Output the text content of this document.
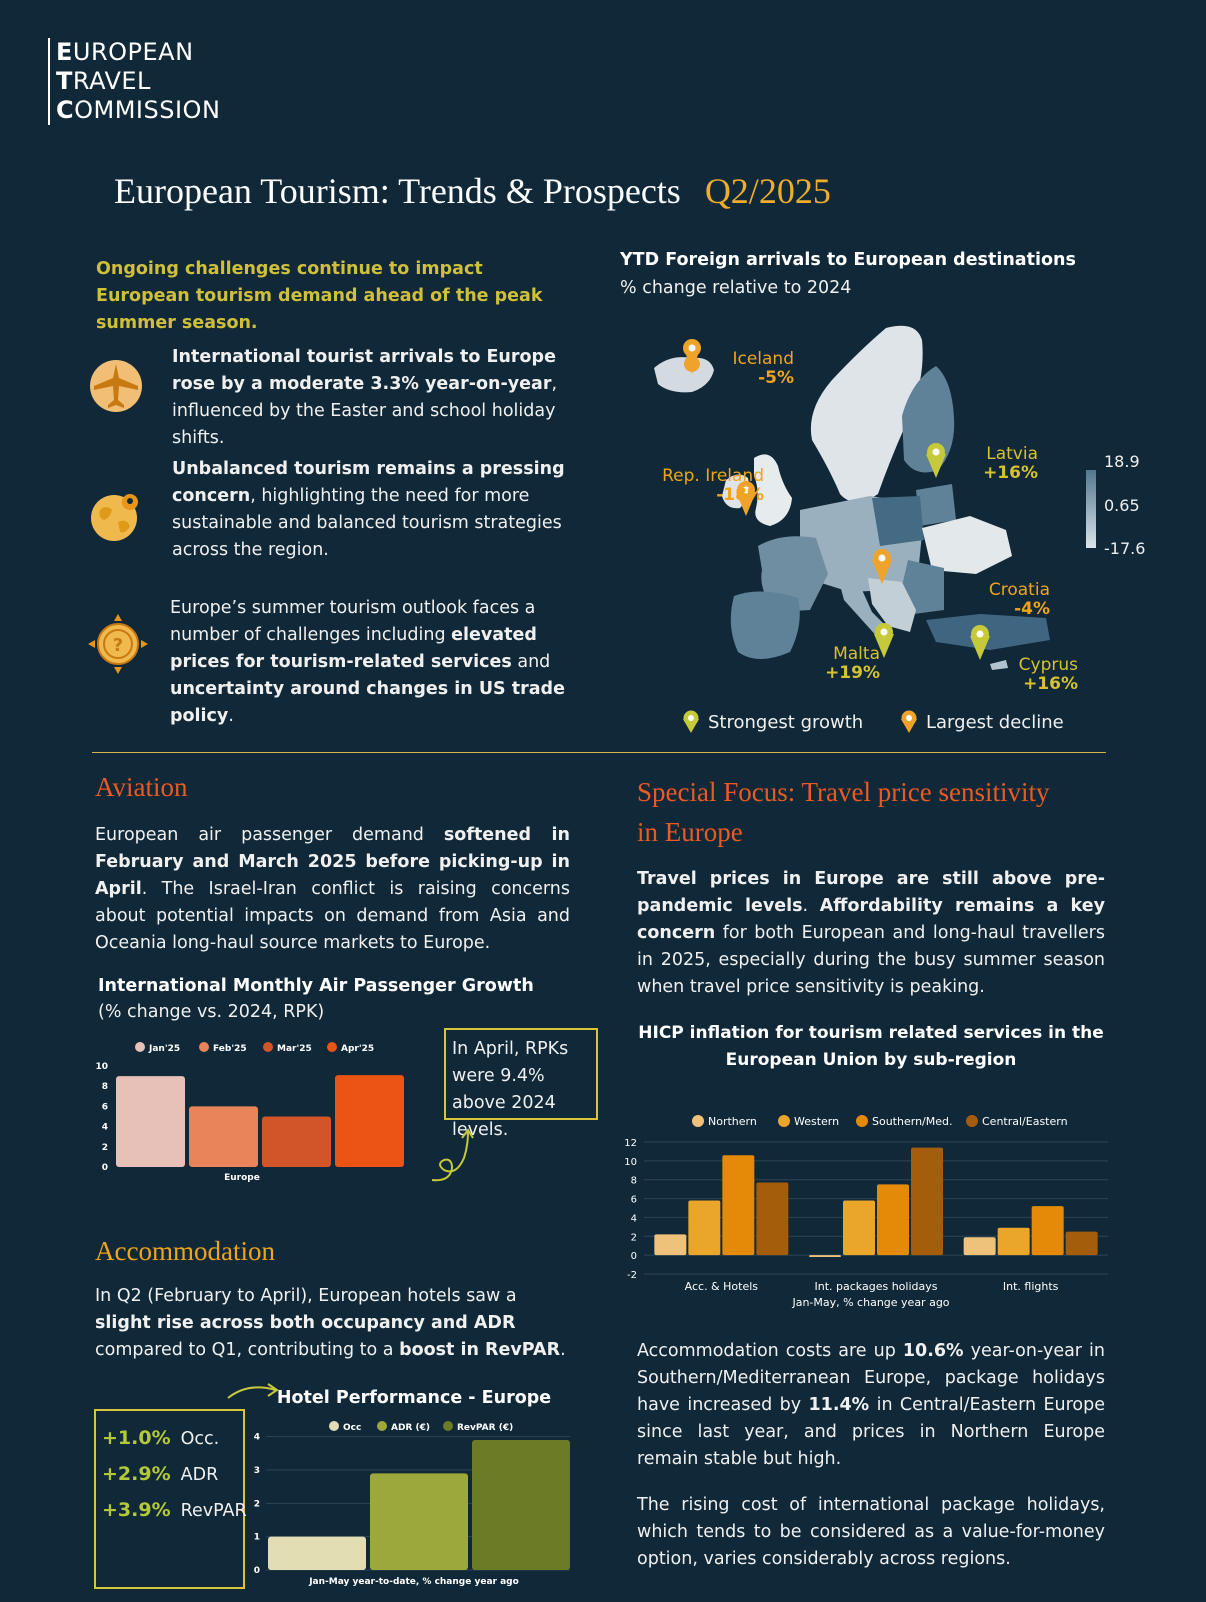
EUROPEAN
TRAVEL
COMMISSION
European Tourism: Trends & Prospects Q2/2025
Ongoing challenges continue to impact European tourism demand ahead of the peak summer season.
?
International tourist arrivals to Europe rose by a moderate 3.3% year-on-year, influenced by the Easter and school holiday shifts.
Unbalanced tourism remains a pressing concern, highlighting the need for more sustainable and balanced tourism strategies across the region.
Europe’s summer tourism outlook faces a number of challenges including elevated prices for tourism-related services and uncertainty around changes in US trade policy.
YTD Foreign arrivals to European destinations
% change relative to 2024
Iceland
-5%
Latvia
+16%
Rep. Ireland
-18%
Croatia
-4%
Malta
+19%	Cyprus
+16%
18.9
0.65
-17.6
Strongest growth	Largest decline
Aviation
European air passenger demand softened in February and March 2025 before picking-up in April. The Israel-Iran conflict is raising concerns about potential impacts on demand from Asia and Oceania long-haul source markets to Europe.
International Monthly Air Passenger Growth
(% change vs. 2024, RPK)
Jan'25	Feb'25	Mar'25	Apr'25
0
2
4
6
8
10
Europe
In April, RPKs were 9.4% above 2024 levels.
Accommodation
In Q2 (February to April), European hotels saw a slight rise across both occupancy and ADR compared to Q1, contributing to a boost in RevPAR.
+1.0% Occ.
+2.9% ADR
+3.9% RevPAR
Hotel Performance - Europe
Occ	ADR (€)	RevPAR (€)
0
1
2
3
4
Jan-May year-to-date, % change year ago
Special Focus: Travel price sensitivity
in Europe
Travel prices in Europe are still above pre-pandemic levels. Affordability remains a key concern for both European and long-haul travellers in 2025, especially during the busy summer season when travel price sensitivity is peaking.
HICP inflation for tourism related services in the
European Union by sub-region
Northern	Western	Southern/Med.	Central/Eastern
-2
0
2
4
6
8
10
12
Acc. & Hotels	Int. packages holidays	Int. flights
Jan-May, % change year ago
Accommodation costs are up 10.6% year-on-year in Southern/Mediterranean Europe, package holidays have increased by 11.4% in Central/Eastern Europe since last year, and prices in Northern Europe remain stable but high.
The rising cost of international package holidays, which tends to be considered as a value-for-money option, varies considerably across regions.
